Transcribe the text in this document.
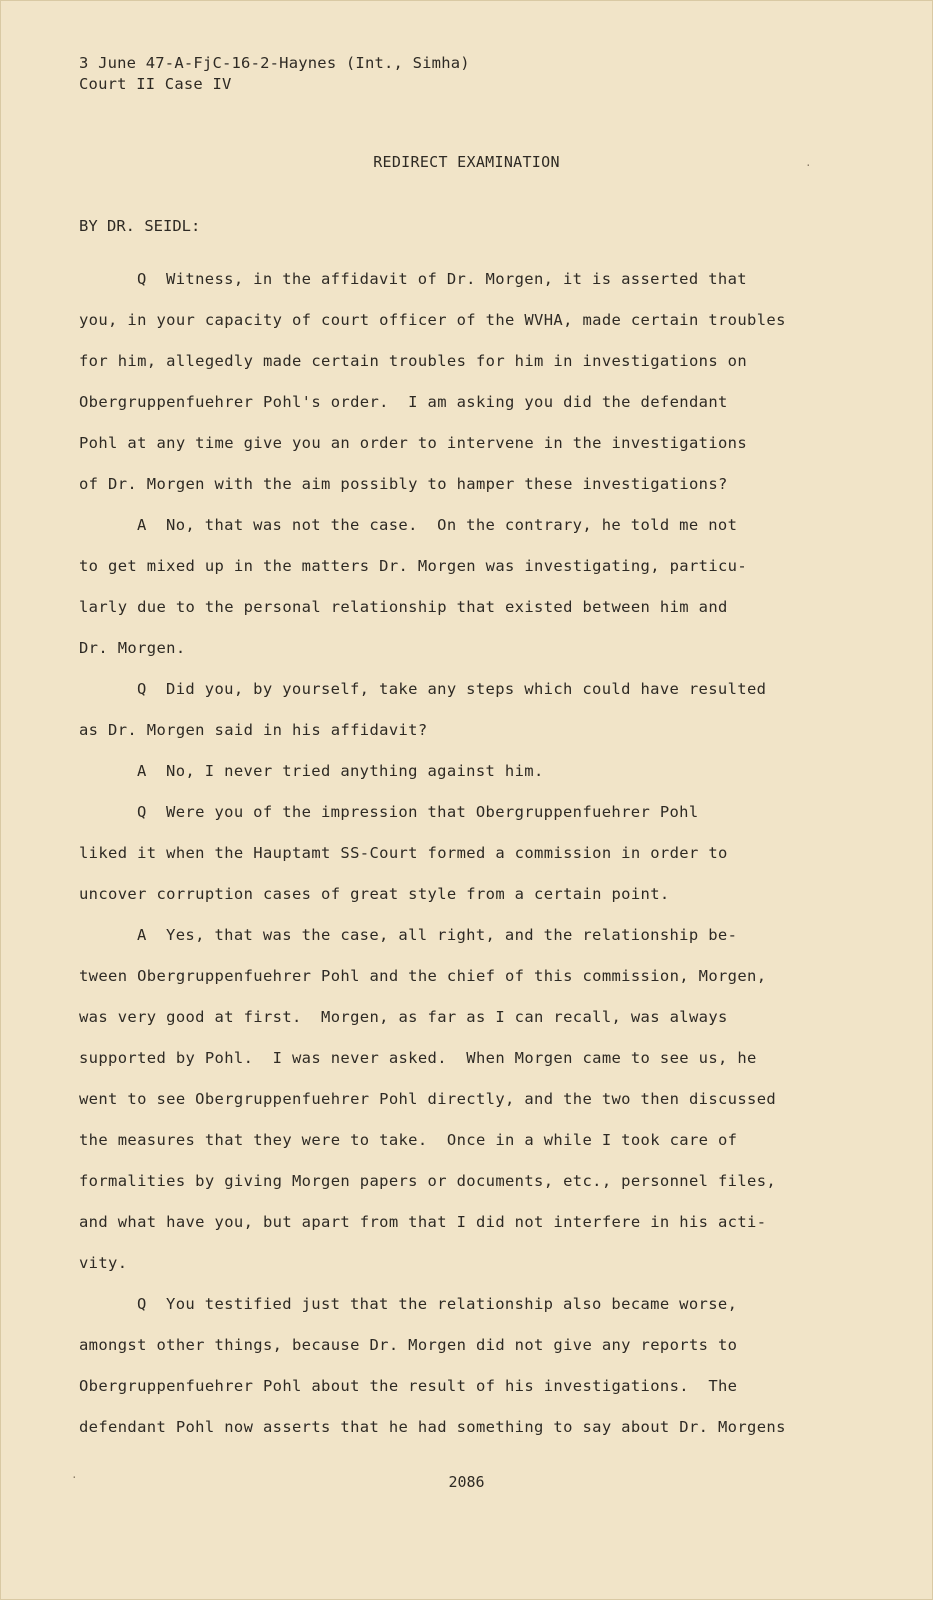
3 June 47-A-FjC-16-2-Haynes (Int., Simha)
Court II Case IV
REDIRECT EXAMINATION
BY DR. SEIDL:
Q  Witness, in the affidavit of Dr. Morgen, it is asserted that
you, in your capacity of court officer of the WVHA, made certain troubles
for him, allegedly made certain troubles for him in investigations on
Obergruppenfuehrer Pohl's order.  I am asking you did the defendant
Pohl at any time give you an order to intervene in the investigations
of Dr. Morgen with the aim possibly to hamper these investigations?
A  No, that was not the case.  On the contrary, he told me not
to get mixed up in the matters Dr. Morgen was investigating, particu-
larly due to the personal relationship that existed between him and
Dr. Morgen.
Q  Did you, by yourself, take any steps which could have resulted
as Dr. Morgen said in his affidavit?
A  No, I never tried anything against him.
Q  Were you of the impression that Obergruppenfuehrer Pohl
liked it when the Hauptamt SS-Court formed a commission in order to
uncover corruption cases of great style from a certain point.
A  Yes, that was the case, all right, and the relationship be-
tween Obergruppenfuehrer Pohl and the chief of this commission, Morgen,
was very good at first.  Morgen, as far as I can recall, was always
supported by Pohl.  I was never asked.  When Morgen came to see us, he
went to see Obergruppenfuehrer Pohl directly, and the two then discussed
the measures that they were to take.  Once in a while I took care of
formalities by giving Morgen papers or documents, etc., personnel files,
and what have you, but apart from that I did not interfere in his acti-
vity.
Q  You testified just that the relationship also became worse,
amongst other things, because Dr. Morgen did not give any reports to
Obergruppenfuehrer Pohl about the result of his investigations.  The
defendant Pohl now asserts that he had something to say about Dr. Morgens
2086
·
·
